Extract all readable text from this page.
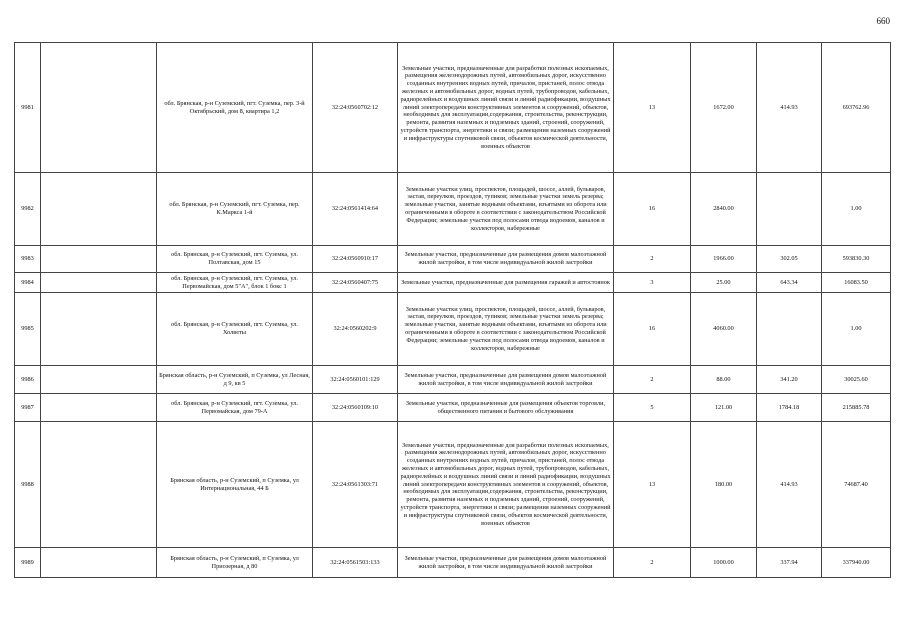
660
9981		обл. Брянская, р-н Суземский, пгт. Суземка, пер. 3-й Октябрьский, дом 8, квартира 1,2	32:24:0560702:12	Земельные участки, предназначенные для разработки полезных ископаемых, размещения железнодорожных путей, автомобильных дорог, искусственно созданных внутренних водных путей, причалов, пристаней, полос отвода железных и автомобильных дорог, водных путей, трубопроводов, кабельных, радиорелейных и воздушных линий связи и линий радиофикации, воздушных линий электропередачи конструктивных элементов и сооружений, объектов, необходимых для эксплуатации,содержания, строительства, реконструкции, ремонта, развития наземных и подземных зданий, строений, сооружений, устройств транспорта, энергетики и связи; размещения наземных сооружений и инфраструктуры спутниковой связи, объектов космической деятельности, военных объектов	13	1672.00	414.93	693762.96
9982		обл. Брянская, р-н Суземский, пгт. Суземка, пер. К.Маркса 1-й	32:24:0561414:64	Земельные участки улиц, проспектов, площадей, шоссе, аллей, бульваров, застав, переулков, проездов, тупиков; земельные участки земель резерва; земельные участки, занятые водными объектами, изъятыми из оборота или ограниченными в обороте в соответствии с законодательством Российской Федерации; земельные участки под полосами отвода водоемов, каналов и коллекторов, набережные	16	2840.00		1.00
9983		обл. Брянская, р-н Суземский, пгт. Суземка, ул. Полтавская, дом 15	32:24:0560910:17	Земельные участки, предназначенные для размещения домов малоэтажной жилой застройки, в том числе индивидуальной жилой застройки	2	1966.00	302.05	593830.30
9984		обл. Брянская, р-н Суземский, пгт. Суземка, ул. Первомайская, дом 5"А", блок 1 бокс 1	32:24:0560407:75	Земельные участки, предназначенные для размещения гаражей и автостоянок	3	25.00	643.34	16083.50
9985		обл. Брянская, р-н Суземский, пгт. Суземка, ул. Холветы	32:24:0560202:9	Земельные участки улиц, проспектов, площадей, шоссе, аллей, бульваров, застав, переулков, проездов, тупиков; земельные участки земель резерва; земельные участки, занятые водными объектами, изъятыми из оборота или ограниченными в обороте в соответствии с законодательством Российской Федерации; земельные участки под полосами отвода водоемов, каналов и коллекторов, набережные	16	4060.00		1.00
9986		Брянская область, р-н Суземский, п Суземка, ул Лесная, д 9, кв 5	32:24:0560101:129	Земельные участки, предназначенные для размещения домов малоэтажной жилой застройки, в том числе индивидуальной жилой застройки	2	88.00	341.20	30025.60
9987		обл. Брянская, р-н Суземский, пгт. Суземка, ул. Первомайская, дом 79-А	32:24:0560109:10	Земельные участки, предназначенные для размещения объектов торговли, общественного питания и бытового обслуживания	5	121.00	1784.18	215885.78
9988		Брянская область, р-н Суземский, п Суземка, ул Интернациональная, 44 Б	32:24:0561303:71	Земельные участки, предназначенные для разработки полезных ископаемых, размещения железнодорожных путей, автомобильных дорог, искусственно созданных внутренних водных путей, причалов, пристаней, полос отвода железных и автомобильных дорог, водных путей, трубопроводов, кабельных, радиорелейных и воздушных линий связи и линий радиофикации, воздушных линий электропередачи конструктивных элементов и сооружений, объектов, необходимых для эксплуатации,содержания, строительства, реконструкции, ремонта, развития наземных и подземных зданий, строений, сооружений, устройств транспорта, энергетики и связи; размещения наземных сооружений и инфраструктуры спутниковой связи, объектов космической деятельности, военных объектов	13	180.00	414.93	74687.40
9989		Брянская область, р-н Суземский, п Суземка, ул Приозерная, д 80	32:24:0561503:133	Земельные участки, предназначенные для размещения домов малоэтажной жилой застройки, в том числе индивидуальной жилой застройки	2	1000.00	337.94	337940.00
